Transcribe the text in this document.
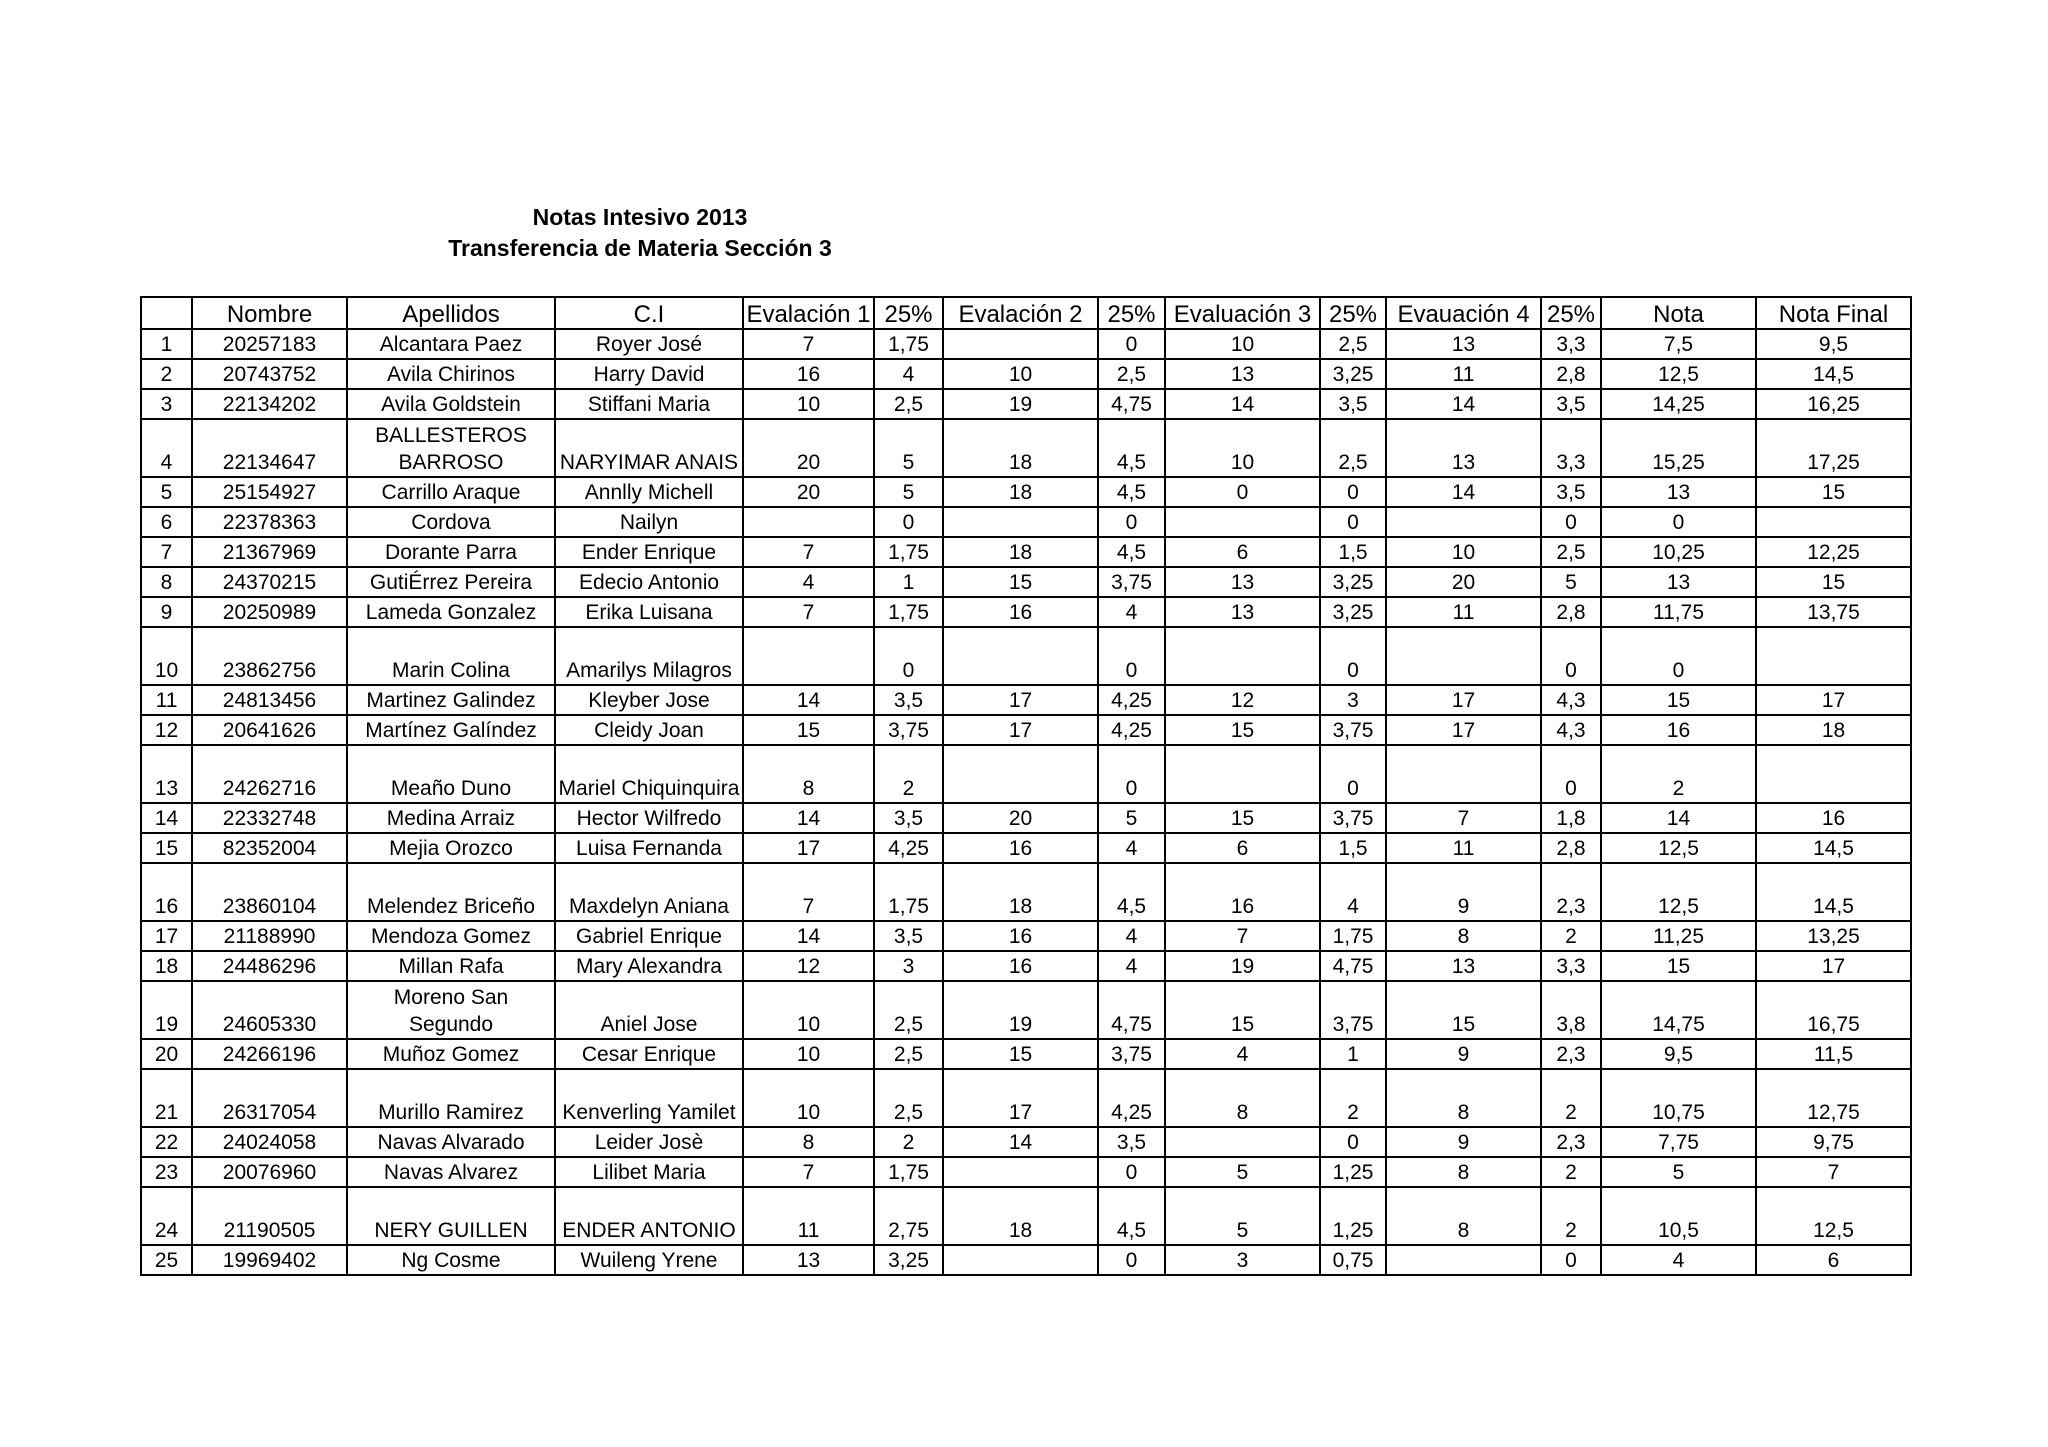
Notas Intesivo 2013
Transferencia de Materia Sección 3
	Nombre	Apellidos	C.I	Evalación 1	25%	Evalación 2	25%	Evaluación 3	25%	Evauación 4	25%	Nota	Nota Final
1	20257183	Alcantara Paez	Royer José	7	1,75		0	10	2,5	13	3,3	7,5	9,5
2	20743752	Avila Chirinos	Harry David	16	4	10	2,5	13	3,25	11	2,8	12,5	14,5
3	22134202	Avila Goldstein	Stiffani Maria	10	2,5	19	4,75	14	3,5	14	3,5	14,25	16,25
4	22134647	BALLESTEROS BARROSO	NARYIMAR ANAIS	20	5	18	4,5	10	2,5	13	3,3	15,25	17,25
5	25154927	Carrillo Araque	Annlly Michell	20	5	18	4,5	0	0	14	3,5	13	15
6	22378363	Cordova	Nailyn		0		0		0		0	0	
7	21367969	Dorante Parra	Ender Enrique	7	1,75	18	4,5	6	1,5	10	2,5	10,25	12,25
8	24370215	GutiÉrrez Pereira	Edecio Antonio	4	1	15	3,75	13	3,25	20	5	13	15
9	20250989	Lameda Gonzalez	Erika Luisana	7	1,75	16	4	13	3,25	11	2,8	11,75	13,75
10	23862756	Marin Colina	Amarilys Milagros		0		0		0		0	0	
11	24813456	Martinez Galindez	Kleyber Jose	14	3,5	17	4,25	12	3	17	4,3	15	17
12	20641626	Martínez Galíndez	Cleidy Joan	15	3,75	17	4,25	15	3,75	17	4,3	16	18
13	24262716	Meaño Duno	Mariel Chiquinquira	8	2		0		0		0	2	
14	22332748	Medina Arraiz	Hector Wilfredo	14	3,5	20	5	15	3,75	7	1,8	14	16
15	82352004	Mejia Orozco	Luisa Fernanda	17	4,25	16	4	6	1,5	11	2,8	12,5	14,5
16	23860104	Melendez Briceño	Maxdelyn Aniana	7	1,75	18	4,5	16	4	9	2,3	12,5	14,5
17	21188990	Mendoza Gomez	Gabriel Enrique	14	3,5	16	4	7	1,75	8	2	11,25	13,25
18	24486296	Millan Rafa	Mary Alexandra	12	3	16	4	19	4,75	13	3,3	15	17
19	24605330	Moreno San Segundo	Aniel Jose	10	2,5	19	4,75	15	3,75	15	3,8	14,75	16,75
20	24266196	Muñoz Gomez	Cesar Enrique	10	2,5	15	3,75	4	1	9	2,3	9,5	11,5
21	26317054	Murillo Ramirez	Kenverling Yamilet	10	2,5	17	4,25	8	2	8	2	10,75	12,75
22	24024058	Navas Alvarado	Leider Josè	8	2	14	3,5		0	9	2,3	7,75	9,75
23	20076960	Navas Alvarez	Lilibet Maria	7	1,75		0	5	1,25	8	2	5	7
24	21190505	NERY GUILLEN	ENDER ANTONIO	11	2,75	18	4,5	5	1,25	8	2	10,5	12,5
25	19969402	Ng Cosme	Wuileng Yrene	13	3,25		0	3	0,75		0	4	6
